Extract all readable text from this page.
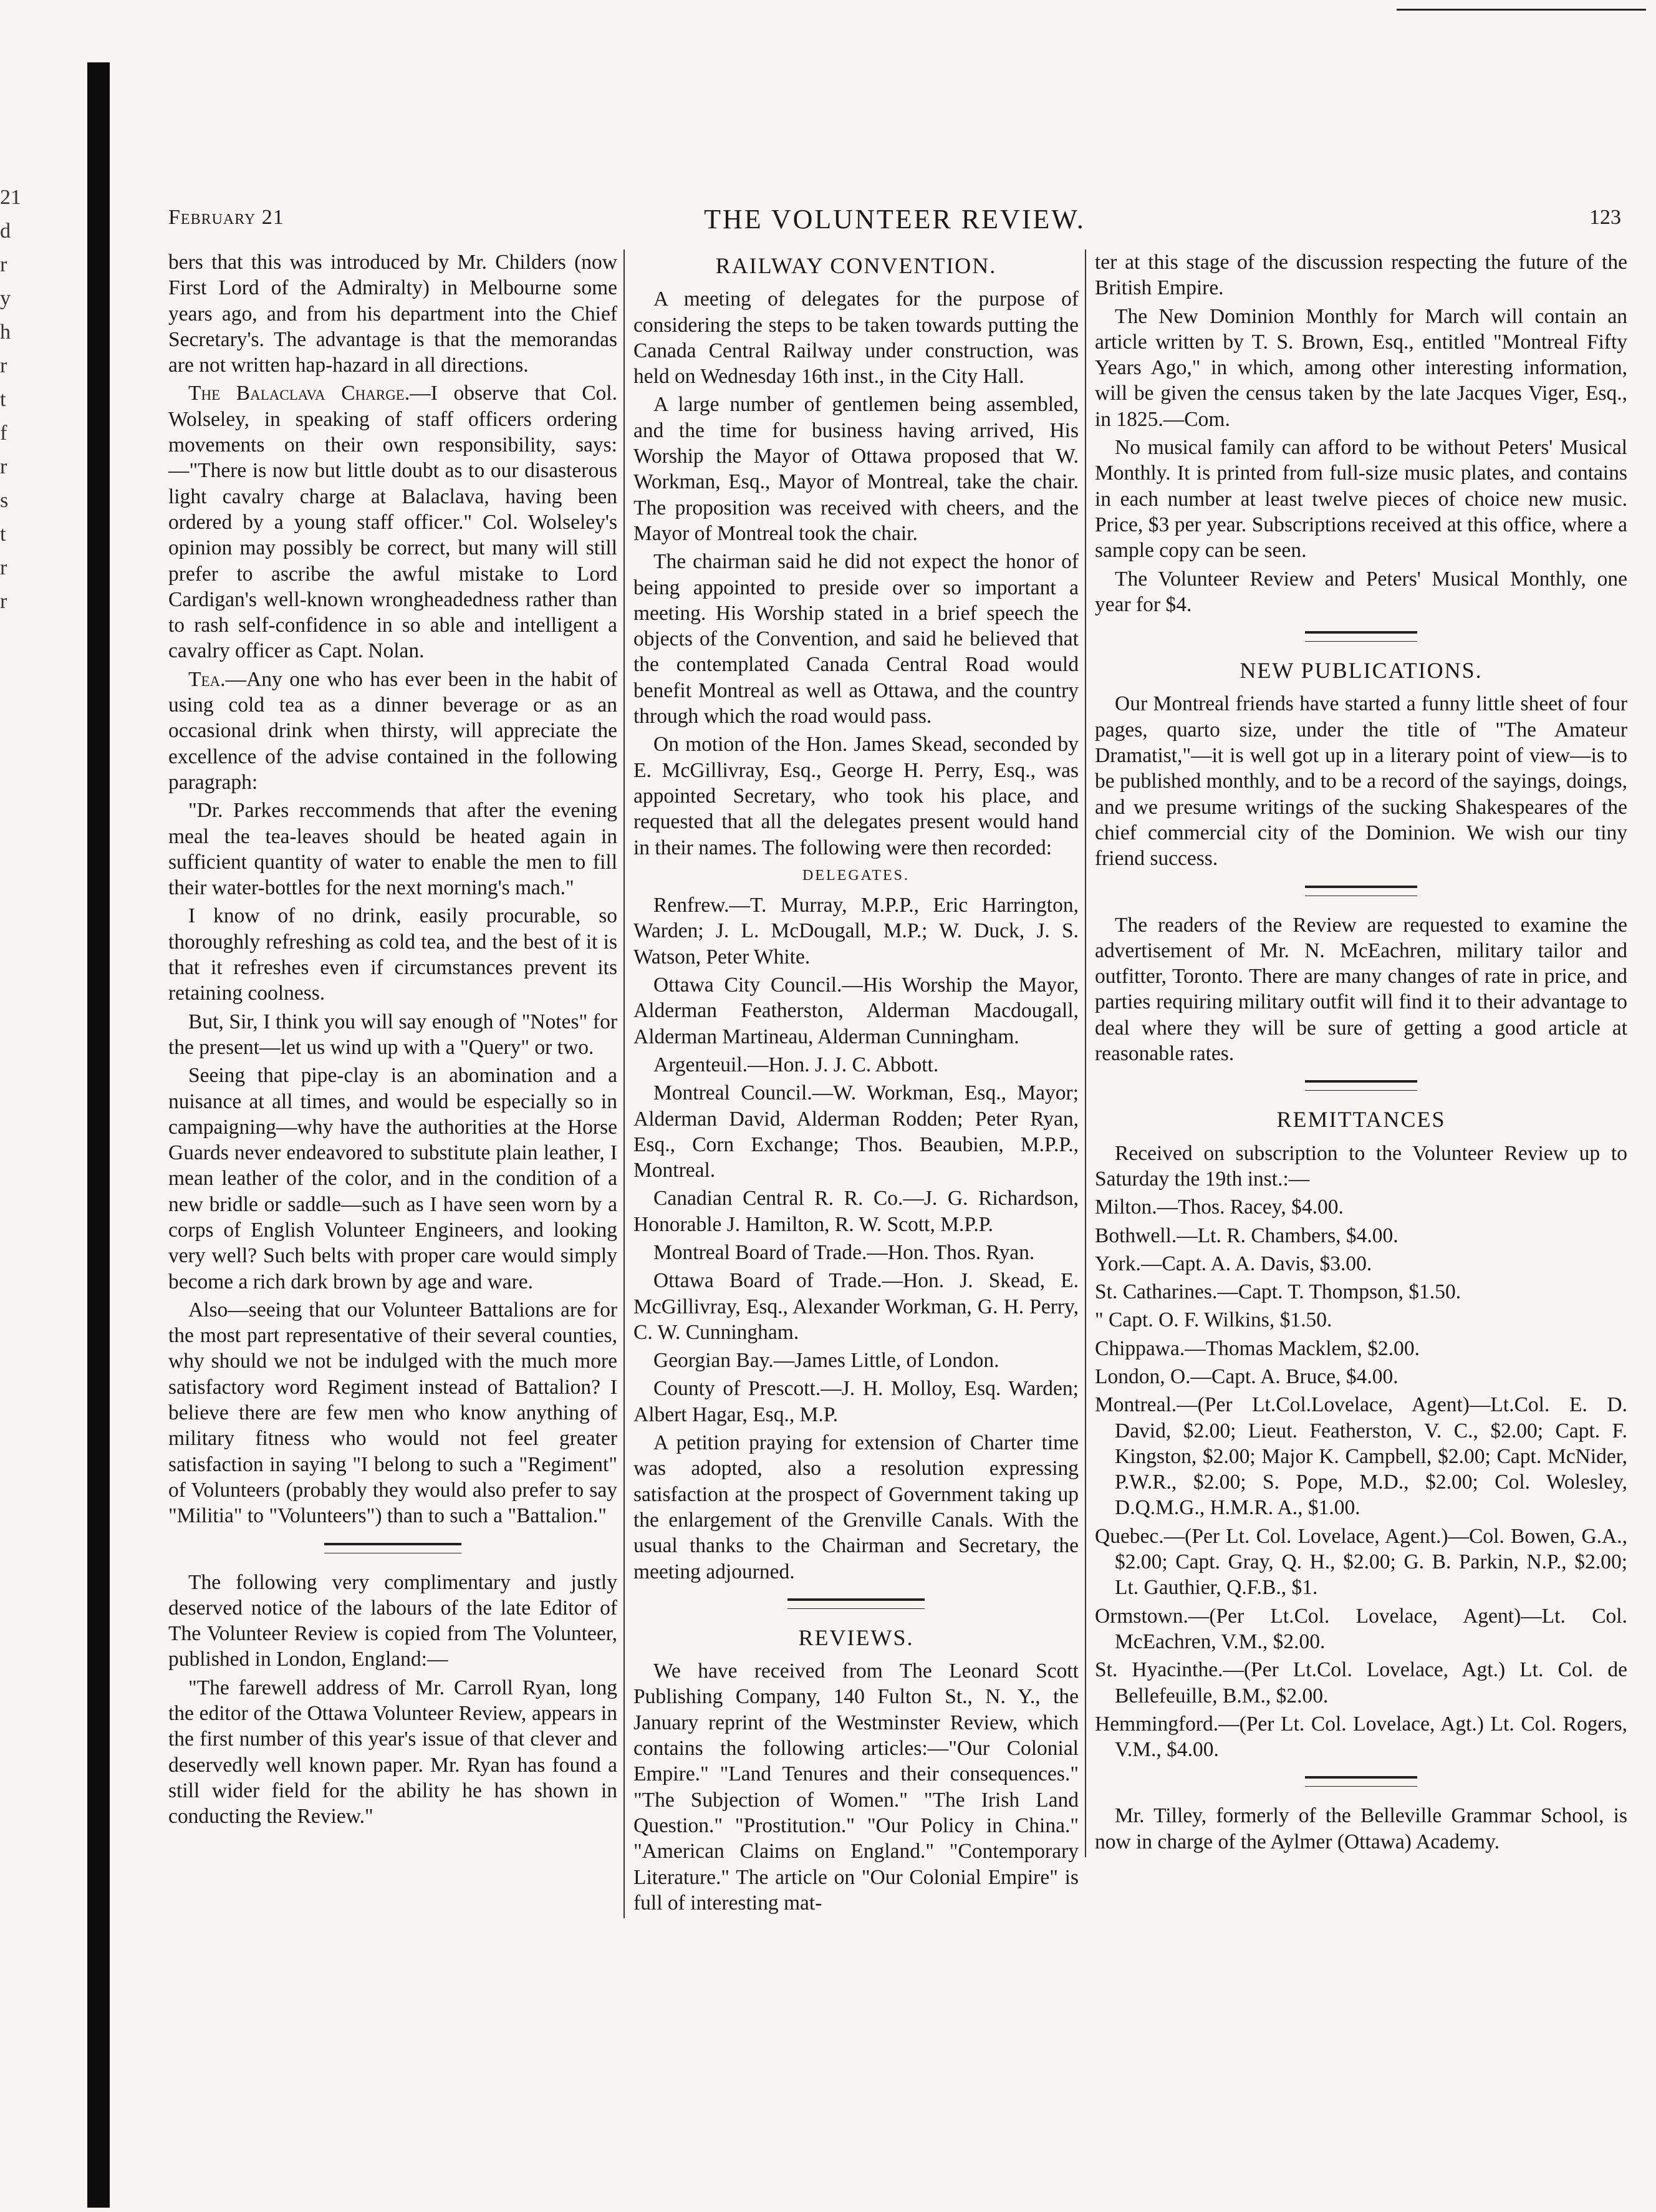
21
d
r
y
h
r
t
f
r
s
t
r
r
February 21	THE VOLUNTEER REVIEW.	123

bers that this was introduced by Mr. Childers (now First Lord of the Admiralty) in Melbourne some years ago, and from his department into the Chief Secretary's. The advantage is that the memorandas are not written hap-hazard in all directions.

The Balaclava Charge.—I observe that Col. Wolseley, in speaking of staff officers ordering movements on their own responsibility, says:—"There is now but little doubt as to our disasterous light cavalry charge at Balaclava, having been ordered by a young staff officer." Col. Wolseley's opinion may possibly be correct, but many will still prefer to ascribe the awful mistake to Lord Cardigan's well-known wrongheadedness rather than to rash self-confidence in so able and intelligent a cavalry officer as Capt. Nolan.

Tea.—Any one who has ever been in the habit of using cold tea as a dinner beverage or as an occasional drink when thirsty, will appreciate the excellence of the advise contained in the following paragraph:

"Dr. Parkes reccommends that after the evening meal the tea-leaves should be heated again in sufficient quantity of water to enable the men to fill their water-bottles for the next morning's mach."

I know of no drink, easily procurable, so thoroughly refreshing as cold tea, and the best of it is that it refreshes even if circumstances prevent its retaining coolness.

But, Sir, I think you will say enough of "Notes" for the present—let us wind up with a "Query" or two.

Seeing that pipe-clay is an abomination and a nuisance at all times, and would be especially so in campaigning—why have the authorities at the Horse Guards never endeavored to substitute plain leather, I mean leather of the color, and in the condition of a new bridle or saddle—such as I have seen worn by a corps of English Volunteer Engineers, and looking very well? Such belts with proper care would simply become a rich dark brown by age and ware.

Also—seeing that our Volunteer Battalions are for the most part representative of their several counties, why should we not be indulged with the much more satisfactory word Regiment instead of Battalion? I believe there are few men who know anything of military fitness who would not feel greater satisfaction in saying "I belong to such a "Regiment" of Volunteers (probably they would also prefer to say "Militia" to "Volunteers") than to such a "Battalion."

The following very complimentary and justly deserved notice of the labours of the late Editor of The Volunteer Review is copied from The Volunteer, published in London, England:—

"The farewell address of Mr. Carroll Ryan, long the editor of the Ottawa Volunteer Review, appears in the first number of this year's issue of that clever and deservedly well known paper. Mr. Ryan has found a still wider field for the ability he has shown in conducting the Review."

RAILWAY CONVENTION.

A meeting of delegates for the purpose of considering the steps to be taken towards putting the Canada Central Railway under construction, was held on Wednesday 16th inst., in the City Hall.

A large number of gentlemen being assembled, and the time for business having arrived, His Worship the Mayor of Ottawa proposed that W. Workman, Esq., Mayor of Montreal, take the chair. The proposition was received with cheers, and the Mayor of Montreal took the chair.

The chairman said he did not expect the honor of being appointed to preside over so important a meeting. His Worship stated in a brief speech the objects of the Convention, and said he believed that the contemplated Canada Central Road would benefit Montreal as well as Ottawa, and the country through which the road would pass.

On motion of the Hon. James Skead, seconded by E. McGillivray, Esq., George H. Perry, Esq., was appointed Secretary, who took his place, and requested that all the delegates present would hand in their names. The following were then recorded:

DELEGATES.

Renfrew.—T. Murray, M.P.P., Eric Harrington, Warden; J. L. McDougall, M.P.; W. Duck, J. S. Watson, Peter White.

Ottawa City Council.—His Worship the Mayor, Alderman Featherston, Alderman Macdougall, Alderman Martineau, Alderman Cunningham.

Argenteuil.—Hon. J. J. C. Abbott.

Montreal Council.—W. Workman, Esq., Mayor; Alderman David, Alderman Rodden; Peter Ryan, Esq., Corn Exchange; Thos. Beaubien, M.P.P., Montreal.

Canadian Central R. R. Co.—J. G. Richardson, Honorable J. Hamilton, R. W. Scott, M.P.P.

Montreal Board of Trade.—Hon. Thos. Ryan.

Ottawa Board of Trade.—Hon. J. Skead, E. McGillivray, Esq., Alexander Workman, G. H. Perry, C. W. Cunningham.

Georgian Bay.—James Little, of London.

County of Prescott.—J. H. Molloy, Esq. Warden; Albert Hagar, Esq., M.P.

A petition praying for extension of Charter time was adopted, also a resolution expressing satisfaction at the prospect of Government taking up the enlargement of the Grenville Canals. With the usual thanks to the Chairman and Secretary, the meeting adjourned.

REVIEWS.

We have received from The Leonard Scott Publishing Company, 140 Fulton St., N. Y., the January reprint of the Westminster Review, which contains the following articles:—"Our Colonial Empire." "Land Tenures and their consequences." "The Subjection of Women." "The Irish Land Question." "Prostitution." "Our Policy in China." "American Claims on England." "Contemporary Literature." The article on "Our Colonial Empire" is full of interesting mat-

ter at this stage of the discussion respecting the future of the British Empire.

The New Dominion Monthly for March will contain an article written by T. S. Brown, Esq., entitled "Montreal Fifty Years Ago," in which, among other interesting information, will be given the census taken by the late Jacques Viger, Esq., in 1825.—Com.

No musical family can afford to be without Peters' Musical Monthly. It is printed from full-size music plates, and contains in each number at least twelve pieces of choice new music. Price, $3 per year. Subscriptions received at this office, where a sample copy can be seen.

The Volunteer Review and Peters' Musical Monthly, one year for $4.

NEW PUBLICATIONS.

Our Montreal friends have started a funny little sheet of four pages, quarto size, under the title of "The Amateur Dramatist,"—it is well got up in a literary point of view—is to be published monthly, and to be a record of the sayings, doings, and we presume writings of the sucking Shakespeares of the chief commercial city of the Dominion. We wish our tiny friend success.

The readers of the Review are requested to examine the advertisement of Mr. N. McEachren, military tailor and outfitter, Toronto. There are many changes of rate in price, and parties requiring military outfit will find it to their advantage to deal where they will be sure of getting a good article at reasonable rates.

REMITTANCES

Received on subscription to the Volunteer Review up to Saturday the 19th inst.:—

Milton.—Thos. Racey, $4.00.

Bothwell.—Lt. R. Chambers, $4.00.

York.—Capt. A. A. Davis, $3.00.

St. Catharines.—Capt. T. Thompson, $1.50.

" Capt. O. F. Wilkins, $1.50.

Chippawa.—Thomas Macklem, $2.00.

London, O.—Capt. A. Bruce, $4.00.

Montreal.—(Per Lt.Col.Lovelace, Agent)—Lt.Col. E. D. David, $2.00; Lieut. Featherston, V. C., $2.00; Capt. F. Kingston, $2.00; Major K. Campbell, $2.00; Capt. McNider, P.W.R., $2.00; S. Pope, M.D., $2.00; Col. Wolesley, D.Q.M.G., H.M.R. A., $1.00.

Quebec.—(Per Lt. Col. Lovelace, Agent.)—Col. Bowen, G.A., $2.00; Capt. Gray, Q. H., $2.00; G. B. Parkin, N.P., $2.00; Lt. Gauthier, Q.F.B., $1.

Ormstown.—(Per Lt.Col. Lovelace, Agent)—Lt. Col. McEachren, V.M., $2.00.

St. Hyacinthe.—(Per Lt.Col. Lovelace, Agt.) Lt. Col. de Bellefeuille, B.M., $2.00.

Hemmingford.—(Per Lt. Col. Lovelace, Agt.) Lt. Col. Rogers, V.M., $4.00.

Mr. Tilley, formerly of the Belleville Grammar School, is now in charge of the Aylmer (Ottawa) Academy.
